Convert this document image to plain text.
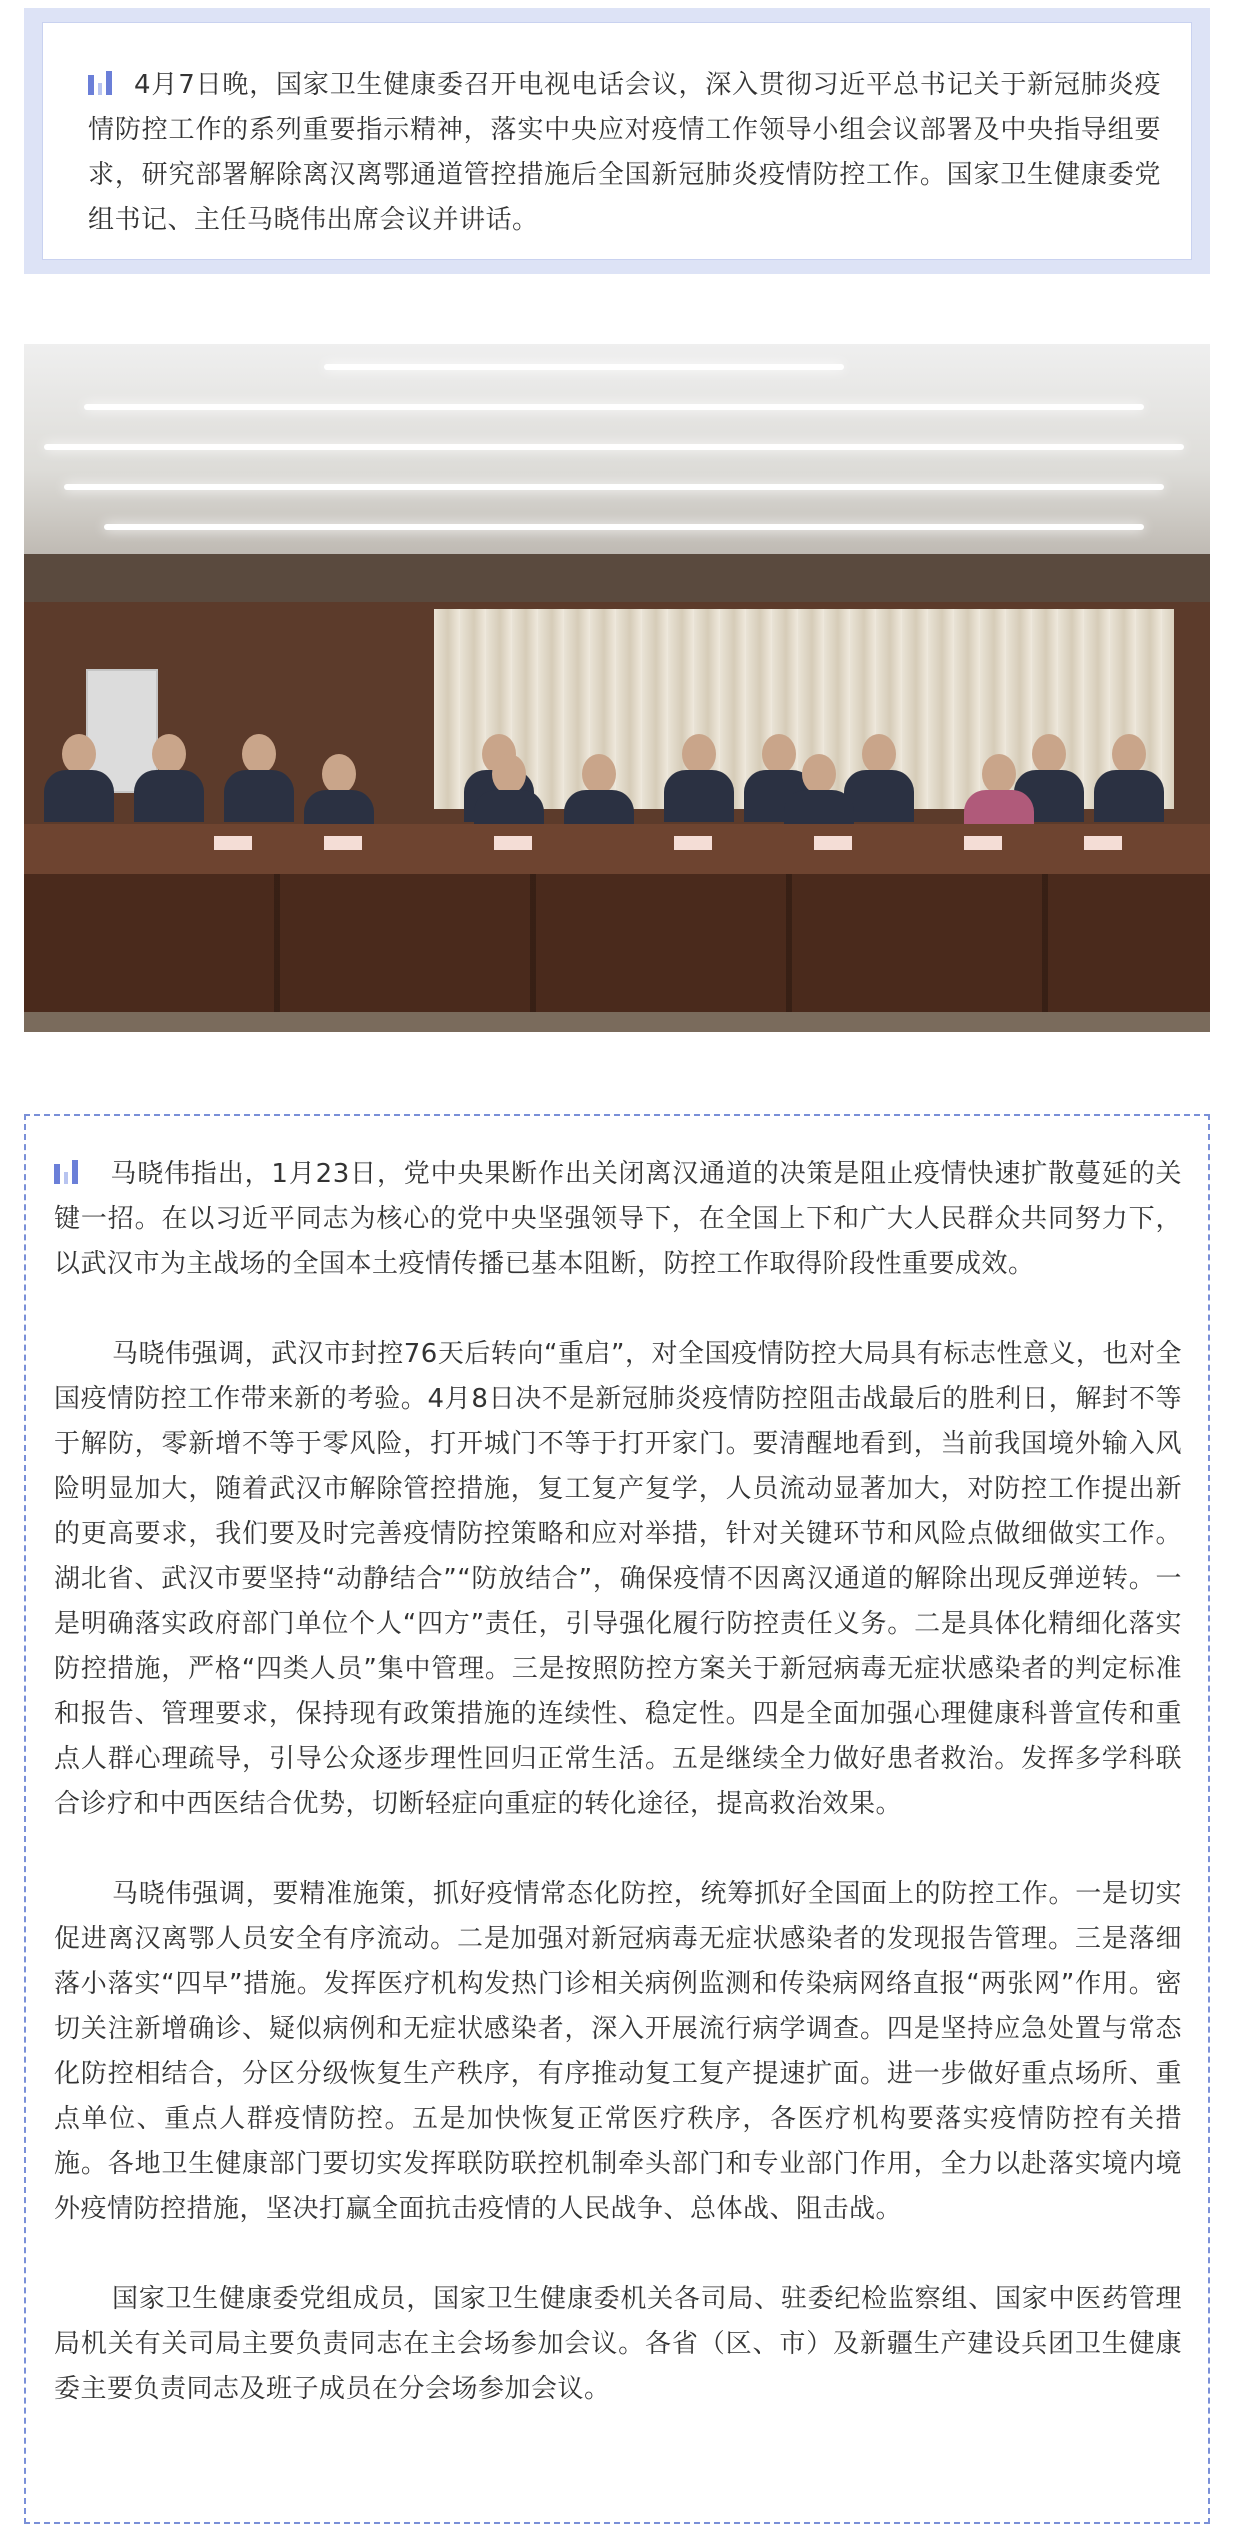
4月7日晚，国家卫生健康委召开电视电话会议，深入贯彻习近平总书记关于新冠肺炎疫情防控工作的系列重要指示精神，落实中央应对疫情工作领导小组会议部署及中央指导组要求，研究部署解除离汉离鄂通道管控措施后全国新冠肺炎疫情防控工作。国家卫生健康委党组书记、主任马晓伟出席会议并讲话。

马晓伟指出，1月23日，党中央果断作出关闭离汉通道的决策是阻止疫情快速扩散蔓延的关键一招。在以习近平同志为核心的党中央坚强领导下，在全国上下和广大人民群众共同努力下，以武汉市为主战场的全国本土疫情传播已基本阻断，防控工作取得阶段性重要成效。

马晓伟强调，武汉市封控76天后转向“重启”，对全国疫情防控大局具有标志性意义，也对全国疫情防控工作带来新的考验。4月8日决不是新冠肺炎疫情防控阻击战最后的胜利日，解封不等于解防，零新增不等于零风险，打开城门不等于打开家门。要清醒地看到，当前我国境外输入风险明显加大，随着武汉市解除管控措施，复工复产复学，人员流动显著加大，对防控工作提出新的更高要求，我们要及时完善疫情防控策略和应对举措，针对关键环节和风险点做细做实工作。湖北省、武汉市要坚持“动静结合”“防放结合”，确保疫情不因离汉通道的解除出现反弹逆转。一是明确落实政府部门单位个人“四方”责任，引导强化履行防控责任义务。二是具体化精细化落实防控措施，严格“四类人员”集中管理。三是按照防控方案关于新冠病毒无症状感染者的判定标准和报告、管理要求，保持现有政策措施的连续性、稳定性。四是全面加强心理健康科普宣传和重点人群心理疏导，引导公众逐步理性回归正常生活。五是继续全力做好患者救治。发挥多学科联合诊疗和中西医结合优势，切断轻症向重症的转化途径，提高救治效果。

马晓伟强调，要精准施策，抓好疫情常态化防控，统筹抓好全国面上的防控工作。一是切实促进离汉离鄂人员安全有序流动。二是加强对新冠病毒无症状感染者的发现报告管理。三是落细落小落实“四早”措施。发挥医疗机构发热门诊相关病例监测和传染病网络直报“两张网”作用。密切关注新增确诊、疑似病例和无症状感染者，深入开展流行病学调查。四是坚持应急处置与常态化防控相结合，分区分级恢复生产秩序，有序推动复工复产提速扩面。进一步做好重点场所、重点单位、重点人群疫情防控。五是加快恢复正常医疗秩序，各医疗机构要落实疫情防控有关措施。各地卫生健康部门要切实发挥联防联控机制牵头部门和专业部门作用，全力以赴落实境内境外疫情防控措施，坚决打赢全面抗击疫情的人民战争、总体战、阻击战。

国家卫生健康委党组成员，国家卫生健康委机关各司局、驻委纪检监察组、国家中医药管理局机关有关司局主要负责同志在主会场参加会议。各省（区、市）及新疆生产建设兵团卫生健康委主要负责同志及班子成员在分会场参加会议。
